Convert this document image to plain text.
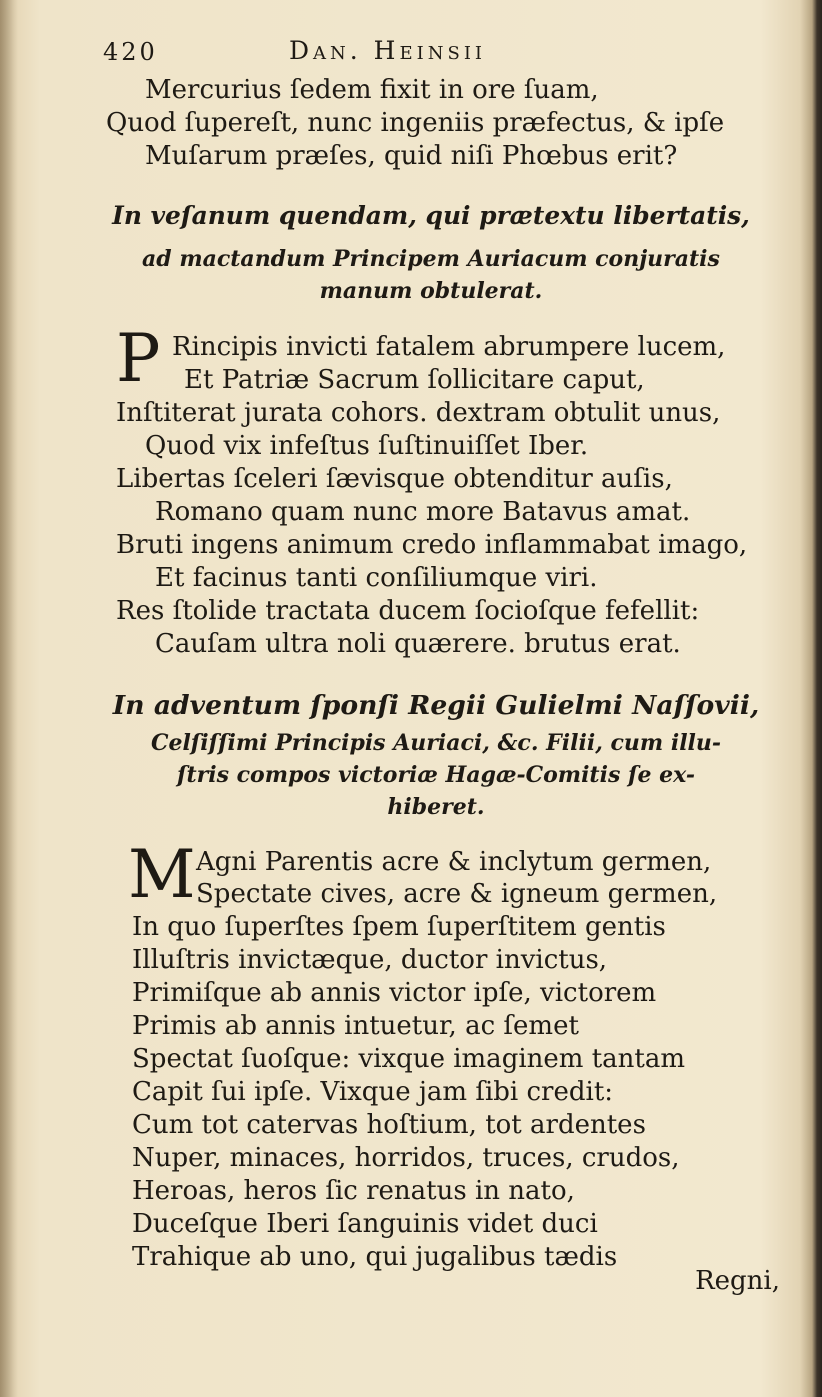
420	Dan. Heinsii
Mercurius ſedem fixit in ore ſuam,
Quod ſupereſt, nunc ingeniis præfectus, & ipſe
Muſarum præſes, quid niſi Phœbus erit?
In veſanum quendam, qui prætextu libertatis,
ad mactandum Principem Auriacum conjuratis
manum obtulerat.
P Rincipis invicti fatalem abrumpere lucem,
Et Patriæ Sacrum ſollicitare caput,
Inſtiterat jurata cohors. dextram obtulit unus,
Quod vix infeſtus ſuſtinuiſſet Iber.
Libertas ſceleri ſævisque obtenditur auſis,
Romano quam nunc more Batavus amat.
Bruti ingens animum credo inflammabat imago,
Et facinus tanti conſiliumque viri.
Res ſtolide tractata ducem ſocioſque fefellit:
Cauſam ultra noli quærere. brutus erat.
In adventum ſponſi Regii Gulielmi Naſſovii,
Celſiſſimi Principis Auriaci, &c. Filii, cum illu-
ſtris compos victoriæ Hagæ-Comitis ſe ex-
hiberet.
M Agni Parentis acre & inclytum germen,
Spectate cives, acre & igneum germen,
In quo ſuperſtes ſpem ſuperſtitem gentis
Illuſtris invictæque, ductor invictus,
Primiſque ab annis victor ipſe, victorem
Primis ab annis intuetur, ac ſemet
Spectat ſuoſque: vixque imaginem tantam
Capit ſui ipſe. Vixque jam ſibi credit:
Cum tot catervas hoſtium, tot ardentes
Nuper, minaces, horridos, truces, crudos,
Heroas, heros ſic renatus in nato,
Duceſque Iberi ſanguinis videt duci
Trahique ab uno, qui jugalibus tædis
Regni,
